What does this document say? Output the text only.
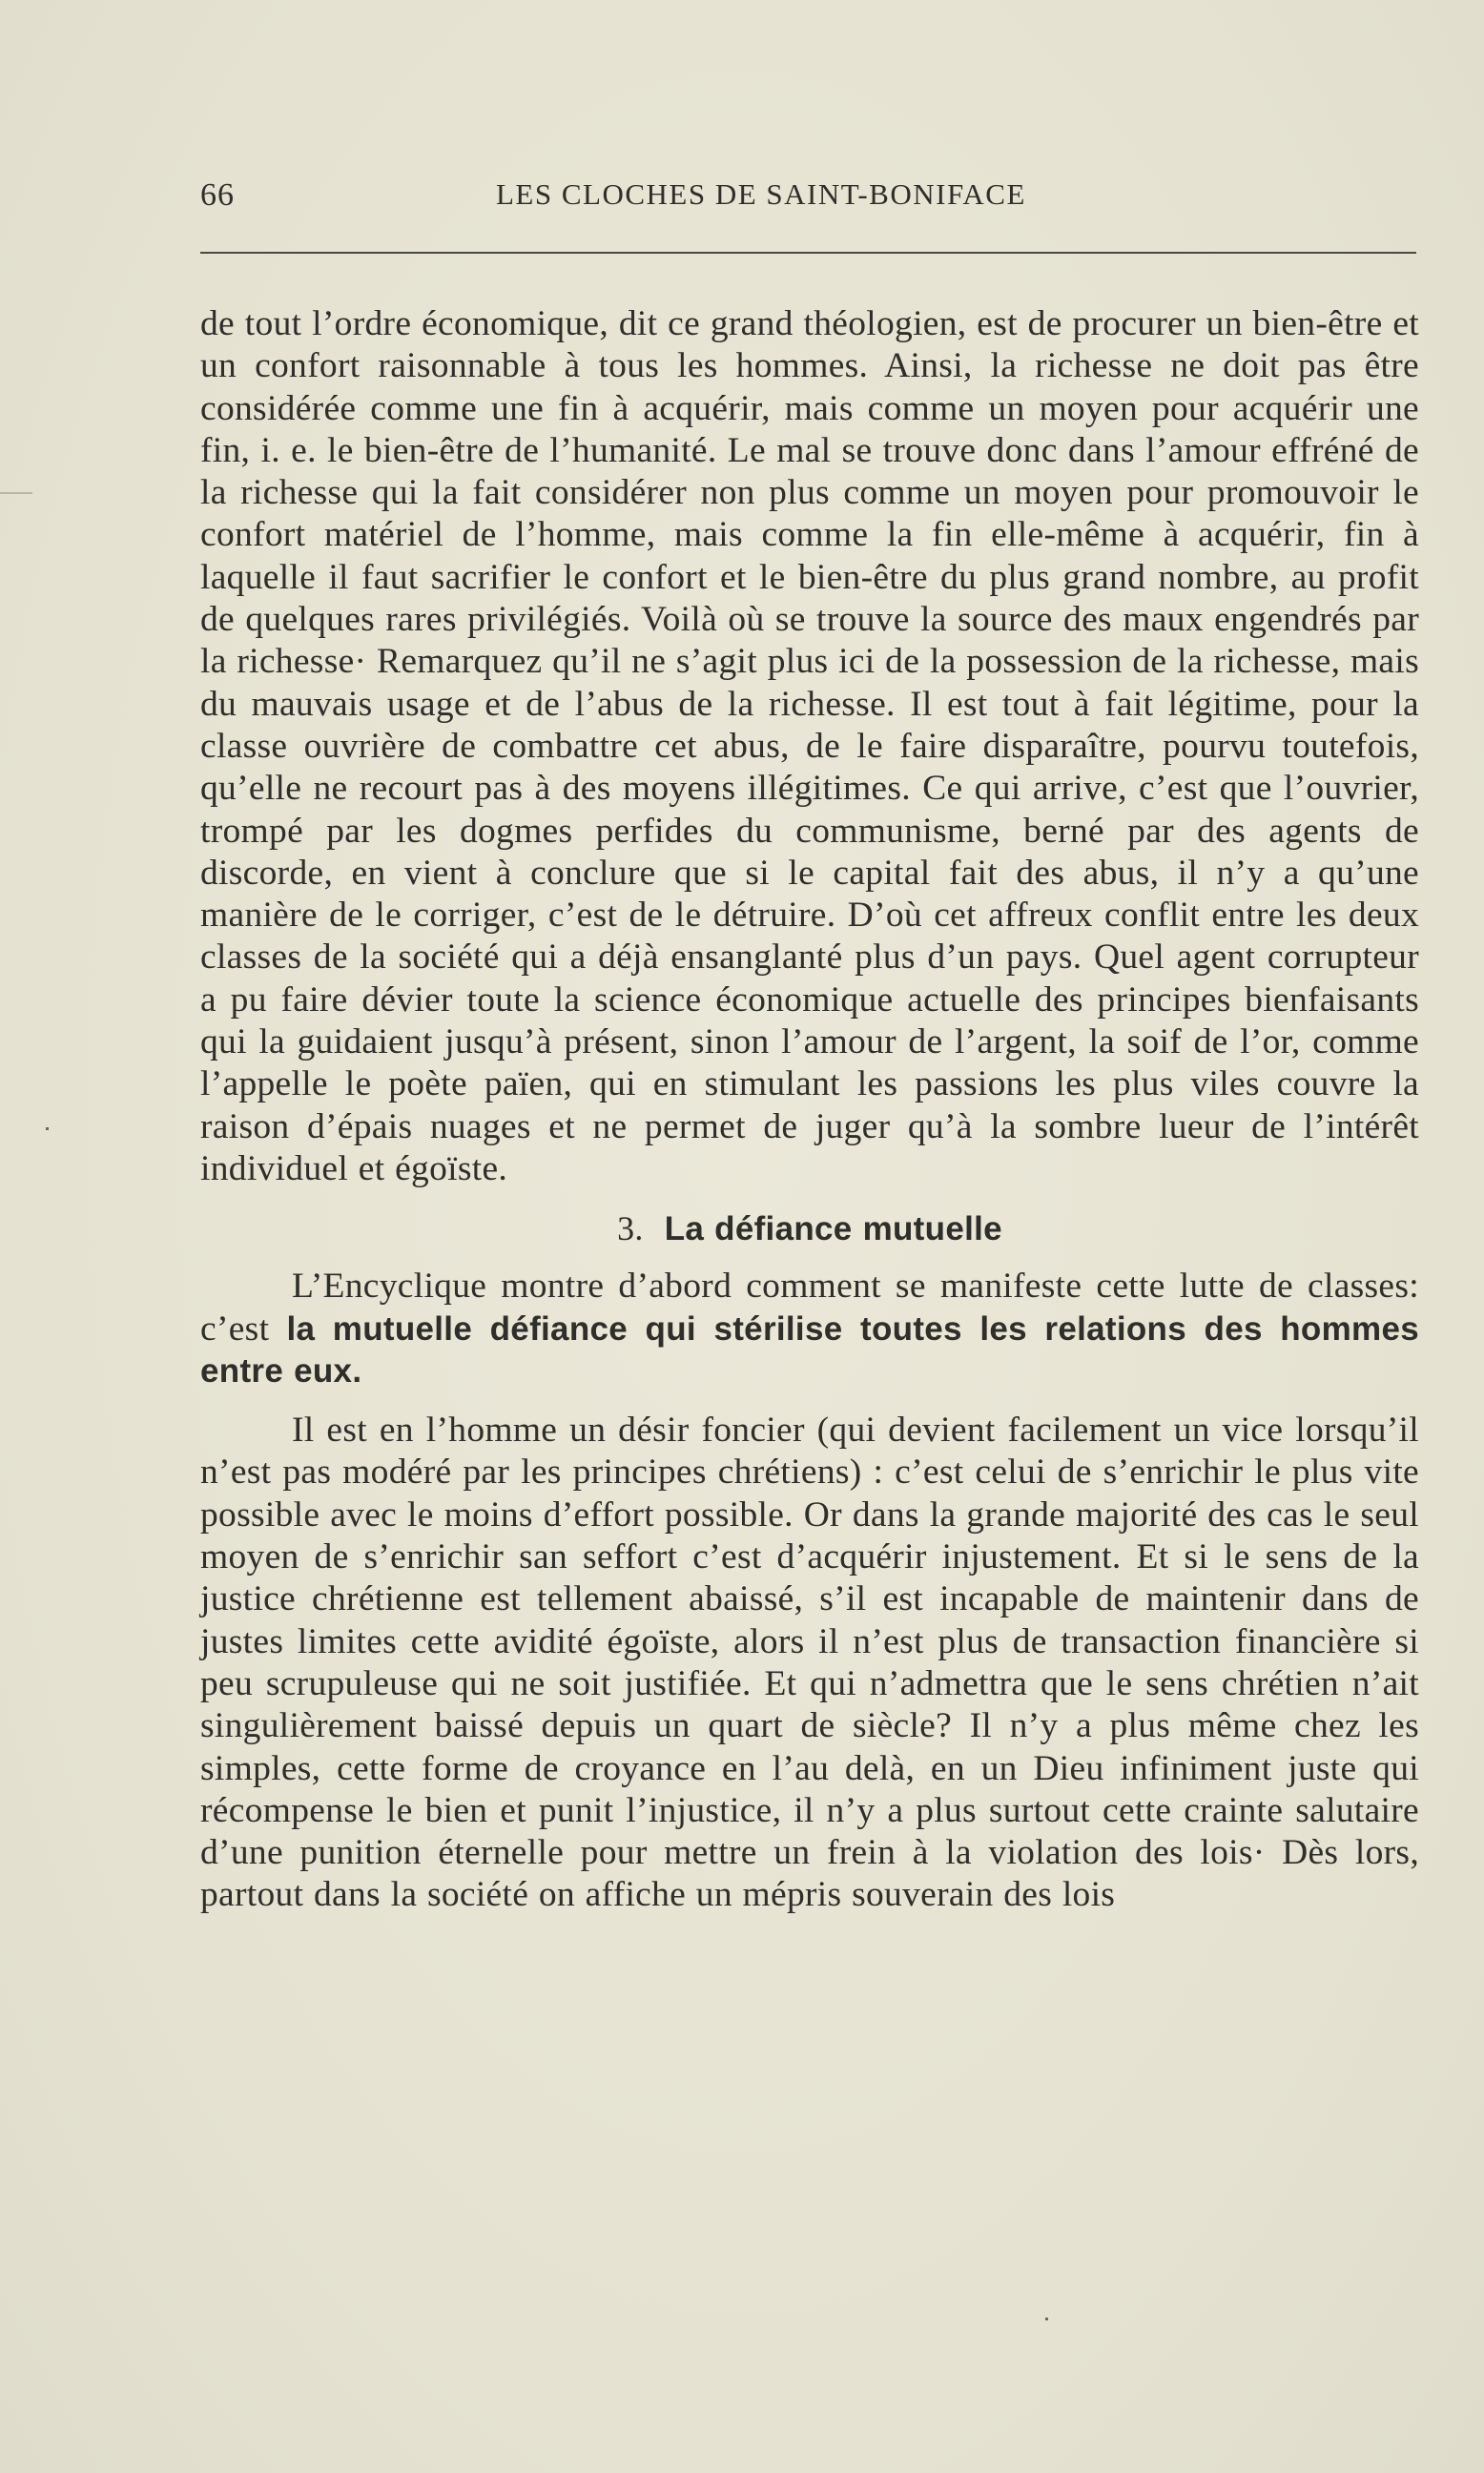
66	LES CLOCHES DE SAINT-BONIFACE

de tout l’ordre économique, dit ce grand théologien, est de procurer un bien-être et un confort raisonnable à tous les hommes. Ainsi, la richesse ne doit pas être considérée comme une fin à acquérir, mais comme un moyen pour acquérir une fin, i. e. le bien-être de l’humanité. Le mal se trouve donc dans l’amour effréné de la richesse qui la fait considérer non plus comme un moyen pour promouvoir le confort matériel de l’homme, mais comme la fin elle-même à acquérir, fin à laquelle il faut sacrifier le confort et le bien-être du plus grand nombre, au profit de quelques rares privilégiés. Voilà où se trouve la source des maux engendrés par la richesse· Remarquez qu’il ne s’agit plus ici de la possession de la richesse, mais du mauvais usage et de l’abus de la richesse. Il est tout à fait légitime, pour la classe ouvrière de combattre cet abus, de le faire disparaître, pourvu toutefois, qu’elle ne recourt pas à des moyens illégitimes. Ce qui arrive, c’est que l’ouvrier, trompé par les dogmes perfides du communisme, berné par des agents de discorde, en vient à conclure que si le capital fait des abus, il n’y a qu’une manière de le corriger, c’est de le détruire. D’où cet affreux conflit entre les deux classes de la société qui a déjà ensanglanté plus d’un pays. Quel agent corrupteur a pu faire dévier toute la science économique actuelle des principes bienfaisants qui la guidaient jusqu’à présent, sinon l’amour de l’argent, la soif de l’or, comme l’appelle le poète païen, qui en stimulant les passions les plus viles couvre la raison d’épais nuages et ne permet de juger qu’à la sombre lueur de l’intérêt individuel et égoïste.

3. La défiance mutuelle

L’Encyclique montre d’abord comment se manifeste cette lutte de classes: c’est la mutuelle défiance qui stérilise toutes les relations des hommes entre eux.

Il est en l’homme un désir foncier (qui devient facilement un vice lorsqu’il n’est pas modéré par les principes chrétiens) : c’est celui de s’enrichir le plus vite possible avec le moins d’effort possible. Or dans la grande majorité des cas le seul moyen de s’enrichir san seffort c’est d’acquérir injustement. Et si le sens de la justice chrétienne est tellement abaissé, s’il est incapable de maintenir dans de justes limites cette avidité égoïste, alors il n’est plus de transaction financière si peu scrupuleuse qui ne soit justifiée. Et qui n’admettra que le sens chrétien n’ait singulièrement baissé depuis un quart de siècle? Il n’y a plus même chez les simples, cette forme de croyance en l’au delà, en un Dieu infiniment juste qui récompense le bien et punit l’injustice, il n’y a plus surtout cette crainte salutaire d’une punition éternelle pour mettre un frein à la violation des lois· Dès lors, partout dans la société on affiche un mépris souverain des lois
